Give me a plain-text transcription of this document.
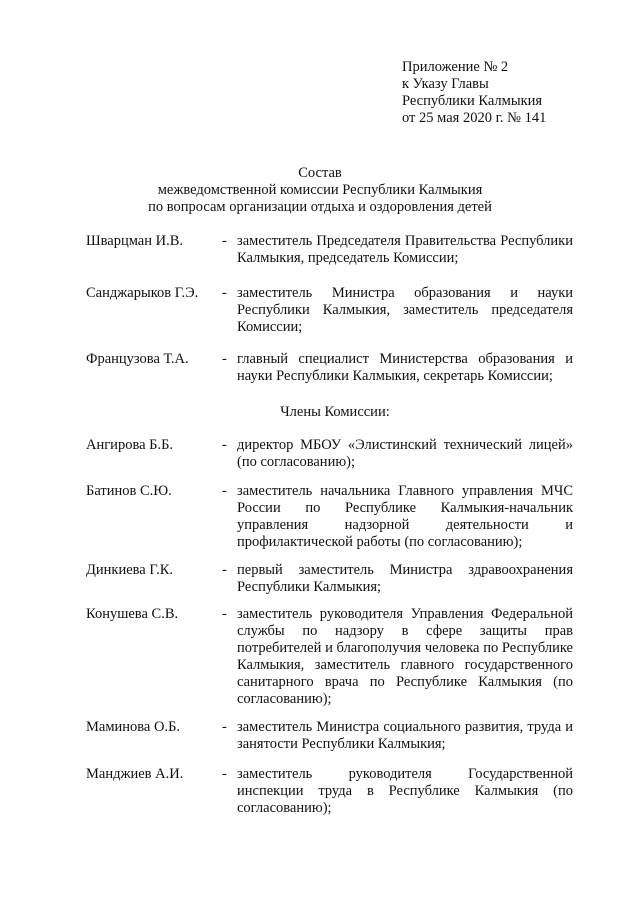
Приложение № 2
к Указу Главы
Республики Калмыкия
от 25 мая 2020 г. № 141
Состав
межведомственной комиссии Республики Калмыкия
по вопросам организации отдыха и оздоровления детей
Шварцман И.В.	- заместитель Председателя Правительства Республики Калмыкия, председатель Комиссии;
Санджарыков Г.Э. - заместитель Министра образования и науки Республики Калмыкия, заместитель председателя Комиссии;
Французова Т.А. - главный специалист Министерства образования и науки Республики Калмыкия, секретарь Комиссии;
Члены Комиссии:
Ангирова Б.Б.	- директор МБОУ «Элистинский технический лицей» (по согласованию);
Батинов С.Ю.	- заместитель начальника Главного управления МЧС России по Республике Калмыкия-начальник управления надзорной деятельности и профилактической работы (по согласованию);
Динкиева Г.К.	- первый заместитель Министра здравоохранения Республики Калмыкия;
Конушева С.В.	- заместитель руководителя Управления Федеральной службы по надзору в сфере защиты прав потребителей и благополучия человека по Республике Калмыкия, заместитель главного государственного санитарного врача по Республике Калмыкия (по согласованию);
Маминова О.Б.	- заместитель Министра социального развития, труда и занятости Республики Калмыкия;
Манджиев А.И.	- заместитель руководителя Государственной инспекции труда в Республике Калмыкия (по согласованию);
